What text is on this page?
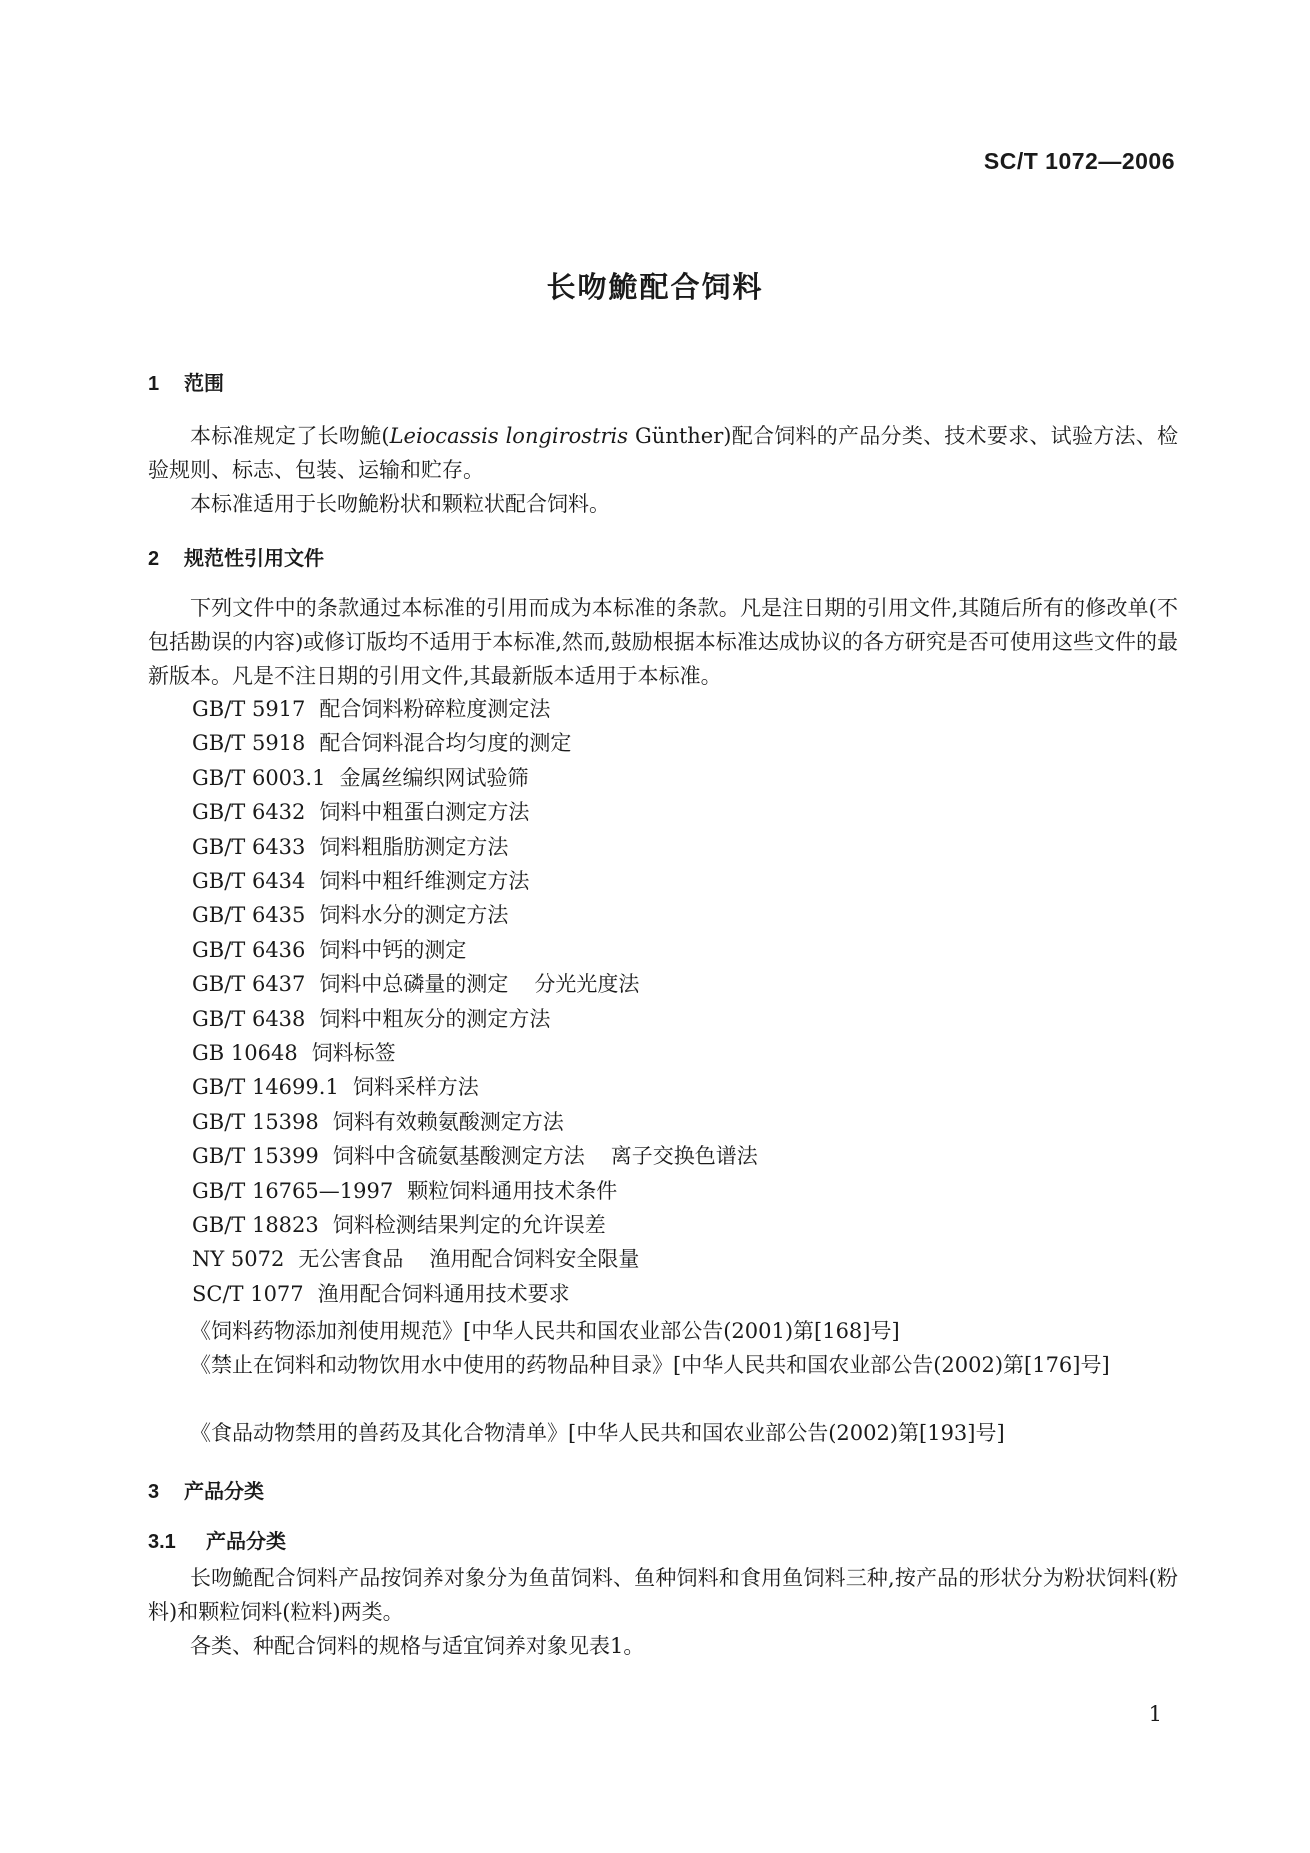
SC/T 1072—2006
长吻鮠配合饲料
1 范围
本标准规定了长吻鮠(Leiocassis longirostris Günther)配合饲料的产品分类、技术要求、试验方法、检验规则、标志、包装、运输和贮存。
本标准适用于长吻鮠粉状和颗粒状配合饲料。
2 规范性引用文件
下列文件中的条款通过本标准的引用而成为本标准的条款。凡是注日期的引用文件,其随后所有的修改单(不包括勘误的内容)或修订版均不适用于本标准,然而,鼓励根据本标准达成协议的各方研究是否可使用这些文件的最新版本。凡是不注日期的引用文件,其最新版本适用于本标准。
GB/T 5917 配合饲料粉碎粒度测定法
GB/T 5918 配合饲料混合均匀度的测定
GB/T 6003.1 金属丝编织网试验筛
GB/T 6432 饲料中粗蛋白测定方法
GB/T 6433 饲料粗脂肪测定方法
GB/T 6434 饲料中粗纤维测定方法
GB/T 6435 饲料水分的测定方法
GB/T 6436 饲料中钙的测定
GB/T 6437 饲料中总磷量的测定 分光光度法
GB/T 6438 饲料中粗灰分的测定方法
GB 10648 饲料标签
GB/T 14699.1 饲料采样方法
GB/T 15398 饲料有效赖氨酸测定方法
GB/T 15399 饲料中含硫氨基酸测定方法 离子交换色谱法
GB/T 16765—1997 颗粒饲料通用技术条件
GB/T 18823 饲料检测结果判定的允许误差
NY 5072 无公害食品 渔用配合饲料安全限量
SC/T 1077 渔用配合饲料通用技术要求
《饲料药物添加剂使用规范》[中华人民共和国农业部公告(2001)第[168]号]
《禁止在饲料和动物饮用水中使用的药物品种目录》[中华人民共和国农业部公告(2002)第[176]号]
《食品动物禁用的兽药及其化合物清单》[中华人民共和国农业部公告(2002)第[193]号]
3 产品分类
3.1 产品分类
长吻鮠配合饲料产品按饲养对象分为鱼苗饲料、鱼种饲料和食用鱼饲料三种,按产品的形状分为粉状饲料(粉料)和颗粒饲料(粒料)两类。
各类、种配合饲料的规格与适宜饲养对象见表1。
1
